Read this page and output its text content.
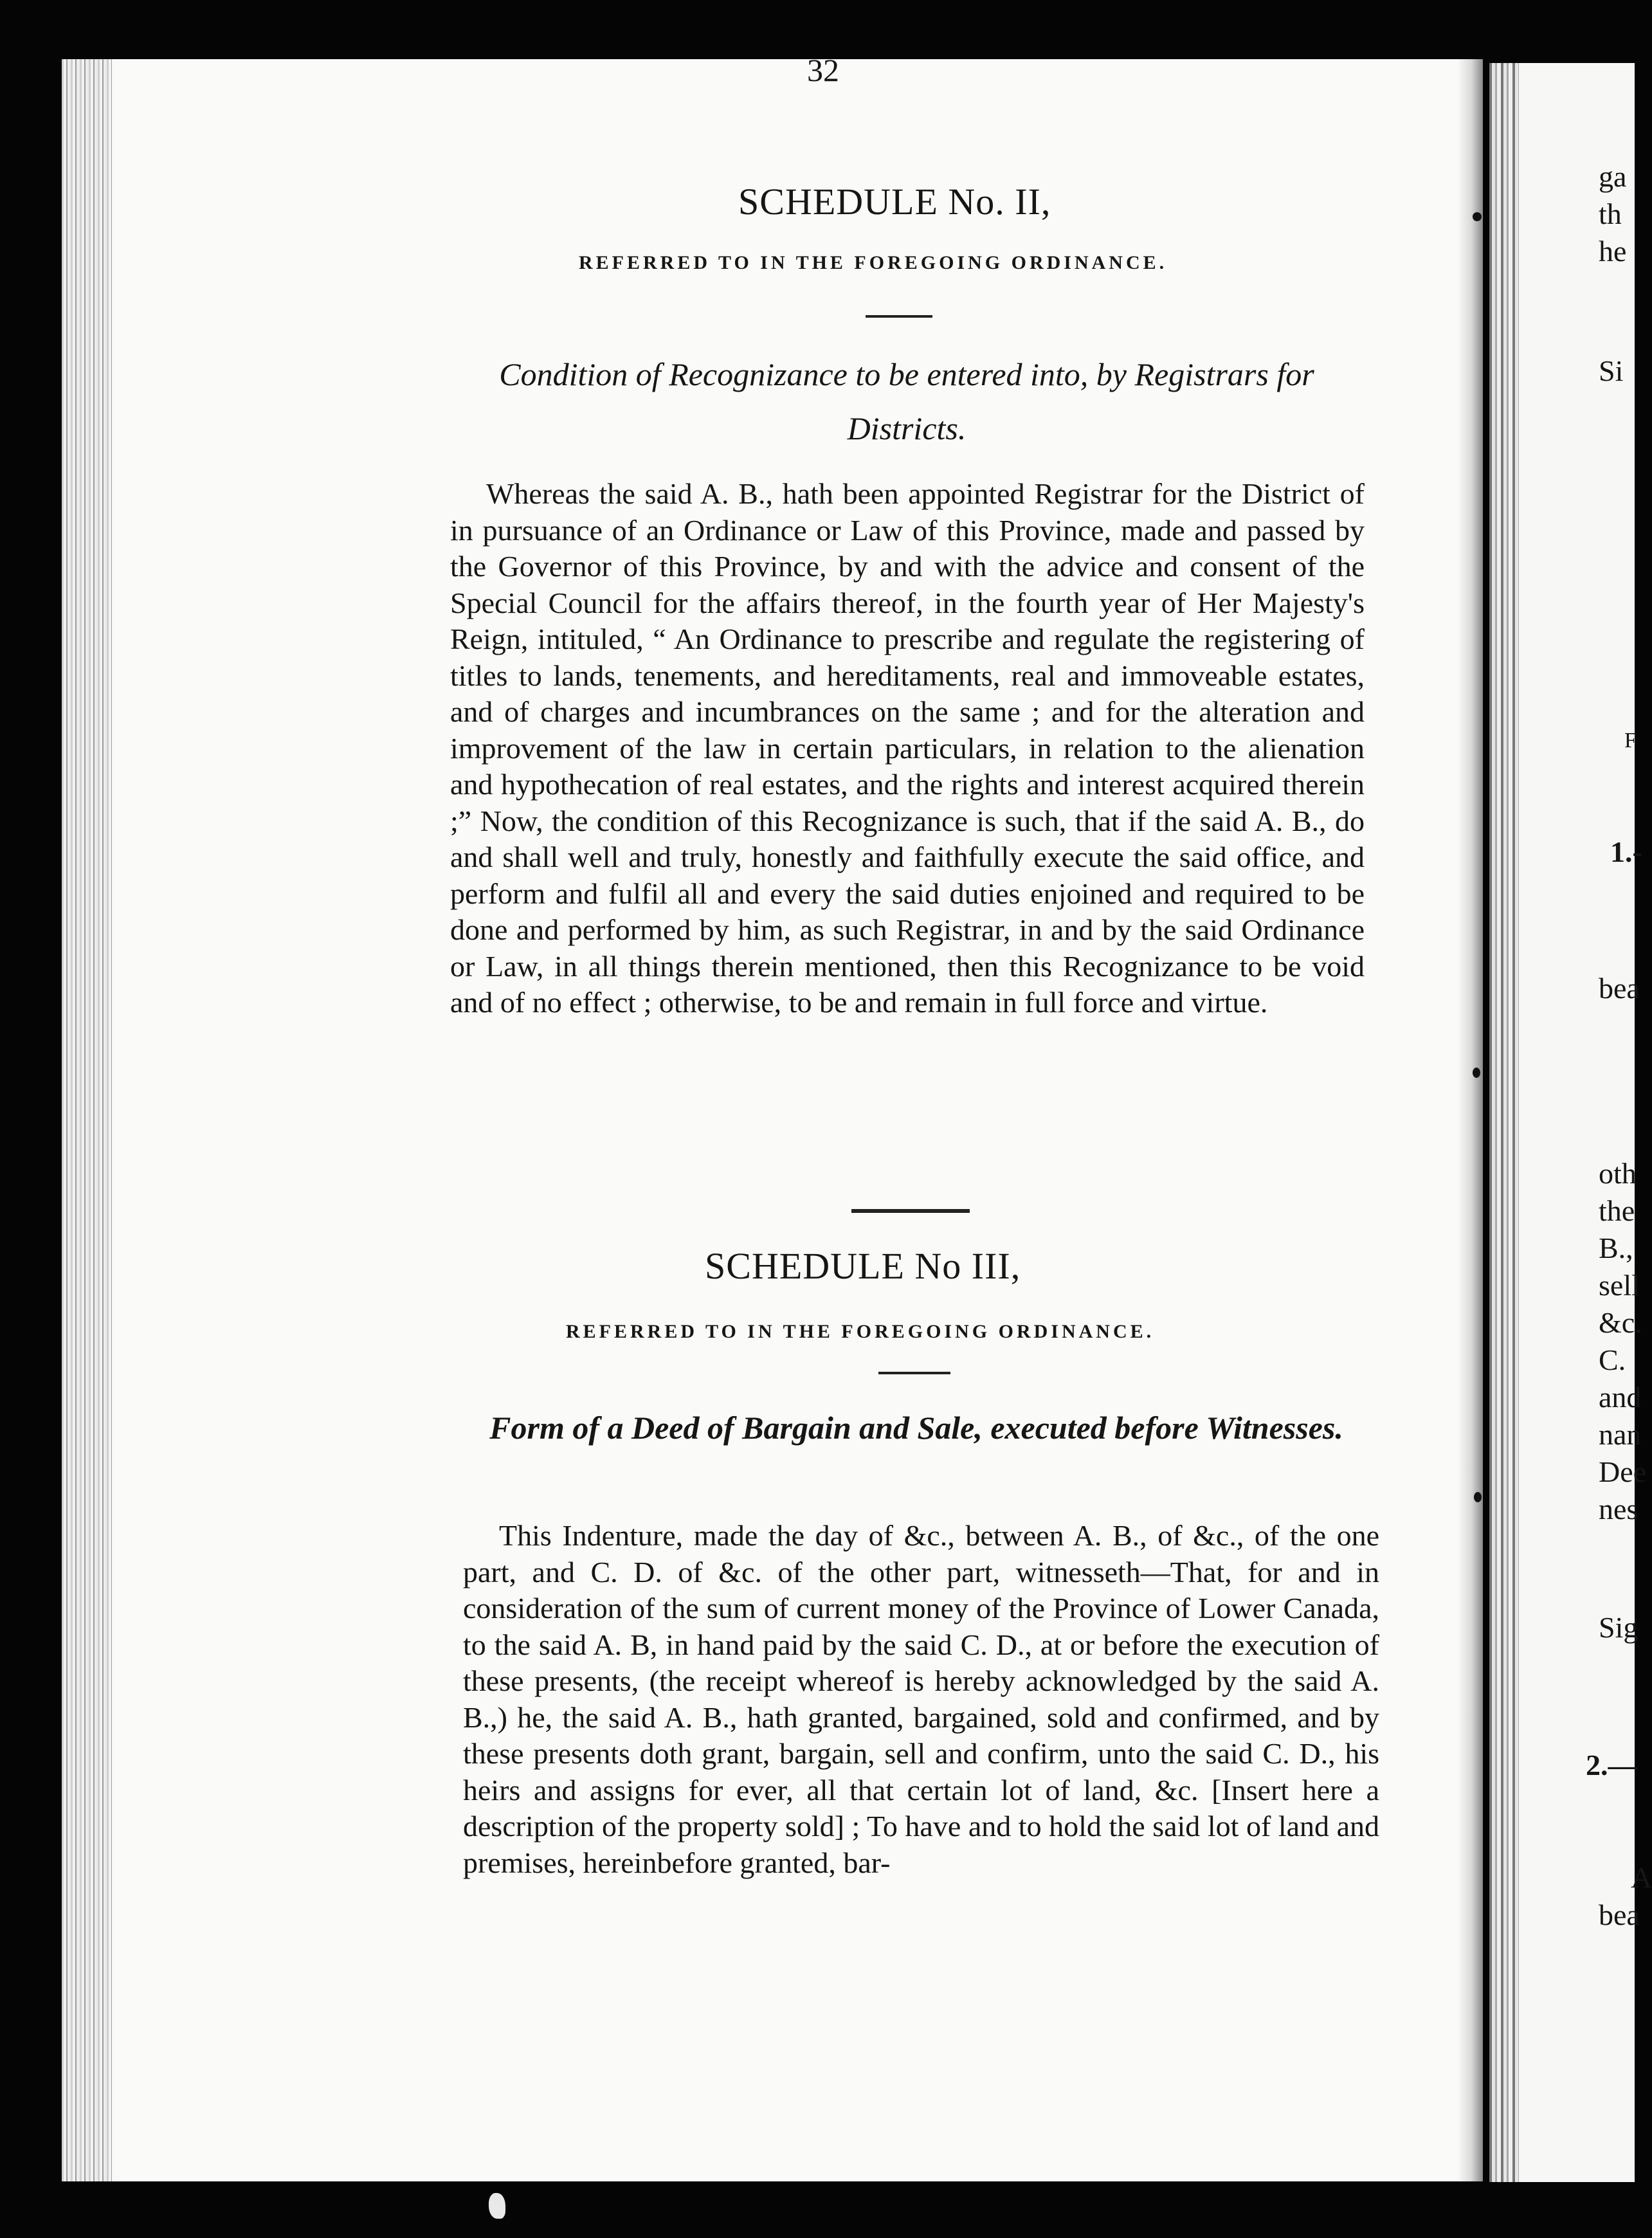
32
SCHEDULE No. II,
REFERRED TO IN THE FOREGOING ORDINANCE.
Condition of Recognizance to be entered into, by Registrars for Districts.

Whereas the said A. B., hath been appointed Registrar for the District of in pursuance of an Ordinance or Law of this Province, made and passed by the Governor of this Province, by and with the advice and consent of the Special Council for the affairs thereof, in the fourth year of Her Majesty's Reign, intituled, “ An Ordinance to prescribe and regulate the registering of titles to lands, tenements, and hereditaments, real and immoveable estates, and of charges and incumbrances on the same ; and for the alteration and improvement of the law in certain particulars, in relation to the alienation and hypothecation of real estates, and the rights and interest acquired therein ;” Now, the condition of this Recognizance is such, that if the said A. B., do and shall well and truly, honestly and faithfully execute the said office, and perform and fulfil all and every the said duties enjoined and required to be done and performed by him, as such Registrar, in and by the said Ordinance or Law, in all things therein mentioned, then this Recognizance to be void and of no effect ; otherwise, to be and remain in full force and virtue.

SCHEDULE No III,
REFERRED TO IN THE FOREGOING ORDINANCE.
Form of a Deed of Bargain and Sale, executed before Witnesses.

This Indenture, made the day of &c., between A. B., of &c., of the one part, and C. D. of &c. of the other part, witnesseth—That, for and in consideration of the sum of current money of the Province of Lower Canada, to the said A. B, in hand paid by the said C. D., at or before the execution of these presents, (the receipt whereof is hereby acknowledged by the said A. B.,) he, the said A. B., hath granted, bargained, sold and confirmed, and by these presents doth grant, bargain, sell and confirm, unto the said C. D., his heirs and assigns for ever, all that certain lot of land, &c. [Insert here a description of the property sold] ; To have and to hold the said lot of land and premises, hereinbefore granted, bar-

ga
th
he
Si
F
1.-
bea
oth
the
B.,
sell
&c.
C.
and
nan
Dee
nes
Sig
2.—
A
bea
